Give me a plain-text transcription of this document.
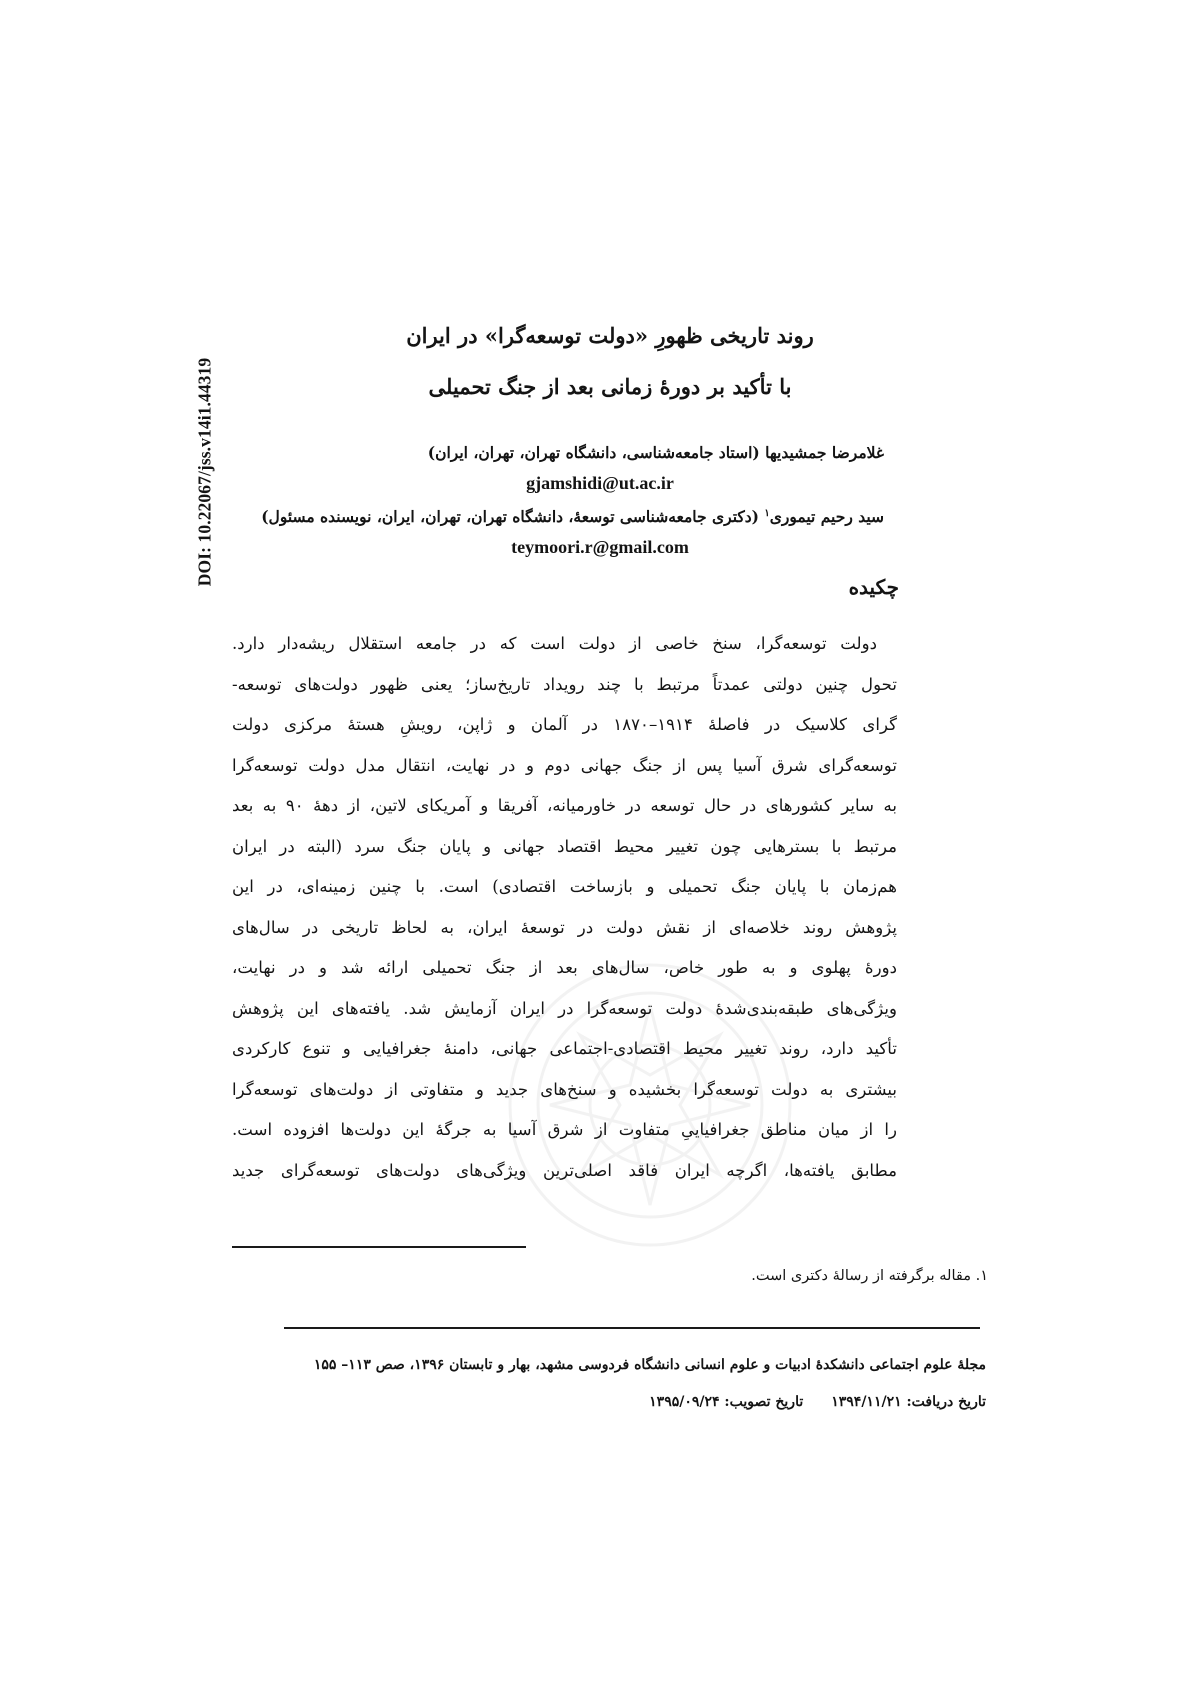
DOI: 10.22067/jss.v14i1.44319
روند تاریخی ظهورِ «دولت توسعه‌گرا» در ایران
با تأکید بر دورهٔ زمانی بعد از جنگ تحمیلی
غلامرضا جمشیدیها (استاد جامعه‌شناسی، دانشگاه تهران، تهران، ایران)
gjamshidi@ut.ac.ir
سید رحیم تیموری$^۱$ (دکتری جامعه‌شناسی توسعهٔ، دانشگاه تهران، تهران، ایران، نویسنده مسئول)
teymoori.r@gmail.com
چکیده
دولت توسعه‌گرا، سنخ خاصی از دولت است که در جامعه استقلال ریشه‌دار دارد.
تحول چنین دولتی عمدتاً مرتبط با چند رویداد تاریخ‌ساز؛ یعنی ظهور دولت‌های توسعه-
گرای کلاسیک در فاصلهٔ ۱۹۱۴–۱۸۷۰ در آلمان و ژاپن، رویشِ هستهٔ مرکزی دولت
توسعه‌گرای شرق آسیا پس از جنگ جهانی دوم و در نهایت، انتقال مدل دولت توسعه‌گرا
به سایر کشورهای در حال توسعه در خاورمیانه، آفریقا و آمریکای لاتین، از دههٔ ۹۰ به بعد
مرتبط با بسترهایی چون تغییر محیط اقتصاد جهانی و پایان جنگ سرد (البته در ایران
هم‌زمان با پایان جنگ تحمیلی و بازساخت اقتصادی) است. با چنین زمینه‌ای، در این
پژوهش روند خلاصه‌ای از نقش دولت در توسعهٔ ایران، به لحاظ تاریخی در سال‌های
دورهٔ پهلوی و به طور خاص، سال‌های بعد از جنگ تحمیلی ارائه شد و در نهایت،
ویژگی‌های طبقه‌بندی‌شدهٔ دولت توسعه‌گرا در ایران آزمایش شد. یافته‌های این پژوهش
تأکید دارد، روند تغییر محیط اقتصادی-اجتماعی جهانی، دامنهٔ جغرافیایی و تنوع کارکردی
بیشتری به دولت توسعه‌گرا بخشیده و سنخ‌های جدید و متفاوتی از دولت‌های توسعه‌گرا
را از میان مناطق جغرافیاییِ متفاوت از شرق آسیا به جرگهٔ این دولت‌ها افزوده است.
مطابق یافته‌ها، اگرچه ایران فاقد اصلی‌ترین ویژگی‌های دولت‌های توسعه‌گرای جدید
۱. مقاله برگرفته از رسالهٔ دکتری است.
مجلهٔ علوم اجتماعی دانشکدهٔ ادبیات و علوم انسانی دانشگاه فردوسی مشهد، بهار و تابستان ۱۳۹۶، صص ۱۱۳– ۱۵۵
تاریخ دریافت: ۱۳۹۴/۱۱/۲۱تاریخ تصویب: ۱۳۹۵/۰۹/۲۴
